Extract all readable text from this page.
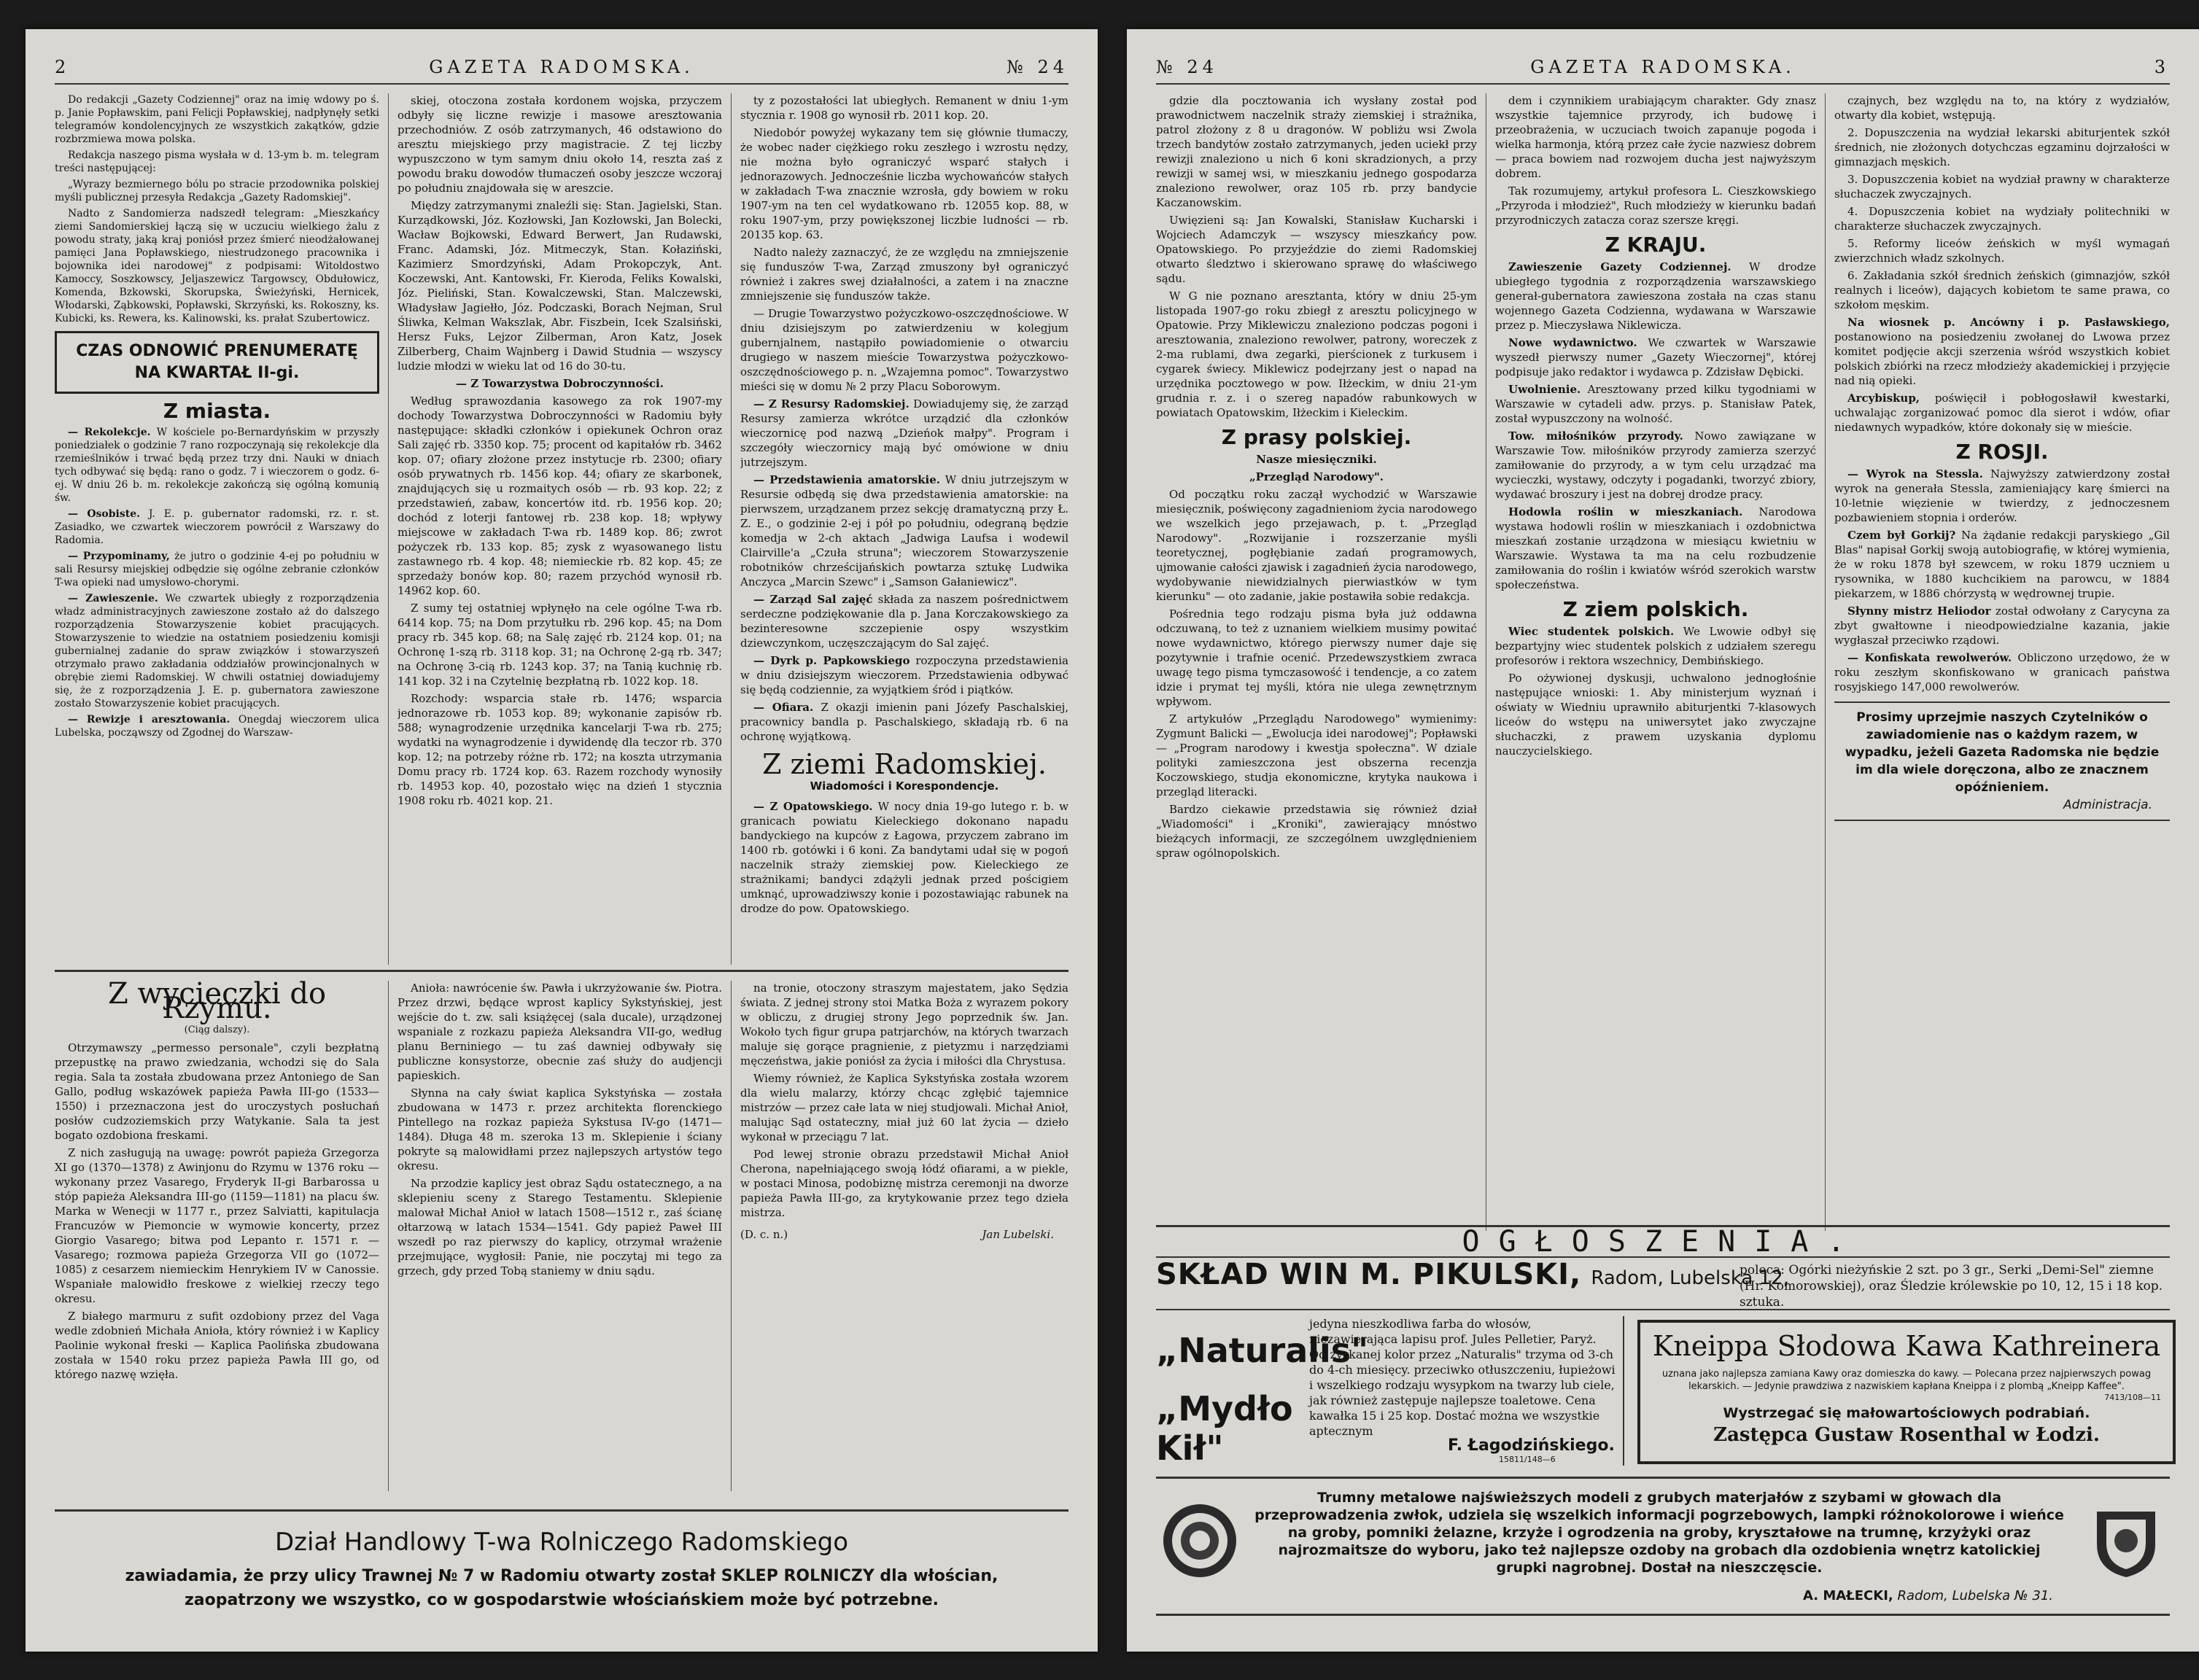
2	GAZETA RADOMSKA.	№ 24

Do redakcji „Gazety Codziennej" oraz na imię wdowy po ś. p. Janie Popławskim, pani Felicji Popławskiej, nadpłynęły setki telegramów kondolencyjnych ze wszystkich zakątków, gdzie rozbrzmiewa mowa polska.

Redakcja naszego pisma wysłała w d. 13-ym b. m. telegram treści następującej:

„Wyrazy bezmiernego bólu po stracie przodownika polskiej myśli publicznej przesyła Redakcja „Gazety Radomskiej".

Nadto z Sandomierza nadszedł telegram: „Mieszkańcy ziemi Sandomierskiej łączą się w uczuciu wielkiego żalu z powodu straty, jaką kraj poniósł przez śmierć nieodżałowanej pamięci Jana Popławskiego, niestrudzonego pracownika i bojownika idei narodowej" z podpisami: Witoldostwo Kamoccy, Soszkowscy, Jeljaszewicz Targowscy, Obdułowicz, Komenda, Bzkowski, Skorupska, Świeżyński, Hernicek, Włodarski, Ząbkowski, Popławski, Skrzyński, ks. Rokoszny, ks. Kubicki, ks. Rewera, ks. Kalinowski, ks. prałat Szubertowicz.

CZAS ODNOWIĆ PRENUMERATĘ NA KWARTAŁ II-gi.
Z miasta.

— Rekolekcje. W kościele po-Bernardyńskim w przyszły poniedziałek o godzinie 7 rano rozpoczynają się rekolekcje dla rzemieślników i trwać będą przez trzy dni. Nauki w dniach tych odbywać się będą: rano o godz. 7 i wieczorem o godz. 6-ej. W dniu 26 b. m. rekolekcje zakończą się ogólną komunią św.

— Osobiste. J. E. p. gubernator radomski, rz. r. st. Zasiadko, we czwartek wieczorem powrócił z Warszawy do Radomia.

— Przypominamy, że jutro o godzinie 4-ej po południu w sali Resursy miejskiej odbędzie się ogólne zebranie członków T-wa opieki nad umysłowo-chorymi.

— Zawieszenie. We czwartek ubiegły z rozporządzenia władz administracyjnych zawieszone zostało aż do dalszego rozporządzenia Stowarzyszenie kobiet pracujących. Stowarzyszenie to wiedzie na ostatniem posiedzeniu komisji gubernialnej zadanie do spraw związków i stowarzyszeń otrzymało prawo zakładania oddziałów prowincjonalnych w obrębie ziemi Radomskiej. W chwili ostatniej dowiadujemy się, że z rozporządzenia J. E. p. gubernatora zawieszone zostało Stowarzyszenie kobiet pracujących.

— Rewizje i aresztowania. Onegdaj wieczorem ulica Lubelska, począwszy od Zgodnej do Warszaw-

skiej, otoczona została kordonem wojska, przyczem odbyły się liczne rewizje i masowe aresztowania przechodniów. Z osób zatrzymanych, 46 odstawiono do aresztu miejskiego przy magistracie. Z tej liczby wypuszczono w tym samym dniu około 14, reszta zaś z powodu braku dowodów tłumaczeń osoby jeszcze wczoraj po południu znajdowała się w areszcie.

Między zatrzymanymi znaleźli się: Stan. Jagielski, Stan. Kurządkowski, Józ. Kozłowski, Jan Kozłowski, Jan Bolecki, Wacław Bojkowski, Edward Berwert, Jan Rudawski, Franc. Adamski, Józ. Mitmeczyk, Stan. Kołaziński, Kazimierz Smordzyński, Adam Prokopczyk, Ant. Koczewski, Ant. Kantowski, Fr. Kieroda, Feliks Kowalski, Józ. Pieliński, Stan. Kowalczewski, Stan. Malczewski, Władysław Jagiełło, Józ. Podczaski, Borach Nejman, Srul Śliwka, Kelman Wakszlak, Abr. Fiszbein, Icek Szalsiński, Hersz Fuks, Lejzor Zilberman, Aron Katz, Josek Zilberberg, Chaim Wajnberg i Dawid Studnia — wszyscy ludzie młodzi w wieku lat od 16 do 30-tu.

— Z Towarzystwa Dobroczynności.

Według sprawozdania kasowego za rok 1907-my dochody Towarzystwa Dobroczynności w Radomiu były następujące: składki członków i opiekunek Ochron oraz Sali zajęć rb. 3350 kop. 75; procent od kapitałów rb. 3462 kop. 07; ofiary złożone przez instytucje rb. 2300; ofiary osób prywatnych rb. 1456 kop. 44; ofiary ze skarbonek, znajdujących się u rozmaitych osób — rb. 93 kop. 22; z przedstawień, zabaw, koncertów itd. rb. 1956 kop. 20; dochód z loterji fantowej rb. 238 kop. 18; wpływy miejscowe w zakładach T-wa rb. 1489 kop. 86; zwrot pożyczek rb. 133 kop. 85; zysk z wyasowanego listu zastawnego rb. 4 kop. 48; niemieckie rb. 82 kop. 45; ze sprzedaży bonów kop. 80; razem przychód wynosił rb. 14962 kop. 60.

Z sumy tej ostatniej wpłynęło na cele ogólne T-wa rb. 6414 kop. 75; na Dom przytułku rb. 296 kop. 45; na Dom pracy rb. 345 kop. 68; na Salę zajęć rb. 2124 kop. 01; na Ochronę 1-szą rb. 3118 kop. 31; na Ochronę 2-gą rb. 347; na Ochronę 3-cią rb. 1243 kop. 37; na Tanią kuchnię rb. 141 kop. 32 i na Czytelnię bezpłatną rb. 1022 kop. 18.

Rozchody: wsparcia stałe rb. 1476; wsparcia jednorazowe rb. 1053 kop. 89; wykonanie zapisów rb. 588; wynagrodzenie urzędnika kancelarji T-wa rb. 275; wydatki na wynagrodzenie i dywidendę dla teczor rb. 370 kop. 12; na potrzeby różne rb. 172; na koszta utrzymania Domu pracy rb. 1724 kop. 63. Razem rozchody wynosiły rb. 14953 kop. 40, pozostało więc na dzień 1 stycznia 1908 roku rb. 4021 kop. 21.

ty z pozostałości lat ubiegłych. Remanent w dniu 1-ym stycznia r. 1908 go wynosił rb. 2011 kop. 20.

Niedobór powyżej wykazany tem się głównie tłumaczy, że wobec nader ciężkiego roku zeszłego i wzrostu nędzy, nie można było ograniczyć wsparć stałych i jednorazowych. Jednocześnie liczba wychowańców stałych w zakładach T-wa znacznie wzrosła, gdy bowiem w roku 1907-ym na ten cel wydatkowano rb. 12055 kop. 88, w roku 1907-ym, przy powiększonej liczbie ludności — rb. 20135 kop. 63.

Nadto należy zaznaczyć, że ze względu na zmniejszenie się funduszów T-wa, Zarząd zmuszony był ograniczyć również i zakres swej działalności, a zatem i na znaczne zmniejszenie się funduszów także.

— Drugie Towarzystwo pożyczkowo-oszczędnościowe. W dniu dzisiejszym po zatwierdzeniu w kolegjum gubernjalnem, nastąpiło powiadomienie o otwarciu drugiego w naszem mieście Towarzystwa pożyczkowo-oszczędnościowego p. n. „Wzajemna pomoc". Towarzystwo mieści się w domu № 2 przy Placu Soborowym.

— Z Resursy Radomskiej. Dowiadujemy się, że zarząd Resursy zamierza wkrótce urządzić dla członków wieczornicę pod nazwą „Dzieńok małpy". Program i szczegóły wieczornicy mają być omówione w dniu jutrzejszym.

— Przedstawienia amatorskie. W dniu jutrzejszym w Resursie odbędą się dwa przedstawienia amatorskie: na pierwszem, urządzanem przez sekcję dramatyczną przy Ł. Z. E., o godzinie 2-ej i pół po południu, odegraną będzie komedja w 2-ch aktach „Jadwiga Laufsa i wodewil Clairville'a „Czuła struna"; wieczorem Stowarzyszenie robotników chrześcijańskich powtarza sztukę Ludwika Anczyca „Marcin Szewc" i „Samson Gałaniewicz".

— Zarząd Sal zajęć składa za naszem pośrednictwem serdeczne podziękowanie dla p. Jana Korczakowskiego za bezinteresowne szczepienie ospy wszystkim dziewczynkom, uczęszczającym do Sal zajęć.

— Dyrk p. Papkowskiego rozpoczyna przedstawienia w dniu dzisiejszym wieczorem. Przedstawienia odbywać się będą codziennie, za wyjątkiem śród i piątków.

— Ofiara. Z okazji imienin pani Józefy Paschalskiej, pracownicy bandla p. Paschalskiego, składają rb. 6 na ochronę wyjątkową.

Z ziemi Radomskiej.
Wiadomości i Korespondencje.

— Z Opatowskiego. W nocy dnia 19-go lutego r. b. w granicach powiatu Kieleckiego dokonano napadu bandyckiego na kupców z Łagowa, przyczem zabrano im 1400 rb. gotówki i 6 koni. Za bandytami udał się w pogoń naczelnik straży ziemskiej pow. Kieleckiego ze strażnikami; bandyci zdążyli jednak przed pościgiem umknąć, uprowadziwszy konie i pozostawiając rabunek na drodze do pow. Opatowskiego.

Z wycieczki do Rzymu.

(Ciąg dalszy).

Otrzymawszy „permesso personale", czyli bezpłatną przepustkę na prawo zwiedzania, wchodzi się do Sala regia. Sala ta została zbudowana przez Antoniego de San Gallo, podług wskazówek papieża Pawła III-go (1533—1550) i przeznaczona jest do uroczystych posłuchań posłów cudzoziemskich przy Watykanie. Sala ta jest bogato ozdobiona freskami.

Z nich zasługują na uwagę: powrót papieża Grzegorza XI go (1370—1378) z Awinjonu do Rzymu w 1376 roku — wykonany przez Vasarego, Fryderyk II-gi Barbarossa u stóp papieża Aleksandra III-go (1159—1181) na placu św. Marka w Wenecji w 1177 r., przez Salviatti, kapitulacja Francuzów w Piemoncie w wymowie koncerty, przez Giorgio Vasarego; bitwa pod Lepanto r. 1571 r. — Vasarego; rozmowa papieża Grzegorza VII go (1072—1085) z cesarzem niemieckim Henrykiem IV w Canossie. Wspaniałe malowidło freskowe z wielkiej rzeczy tego okresu.

Z białego marmuru z sufit ozdobiony przez del Vaga wedle zdobnień Michała Anioła, który również i w Kaplicy Paolinie wykonał freski — Kaplica Paolińska zbudowana została w 1540 roku przez papieża Pawła III go, od którego nazwę wzięła.

Anioła: nawrócenie św. Pawła i ukrzyżowanie św. Piotra. Przez drzwi, będące wprost kaplicy Sykstyńskiej, jest wejście do t. zw. sali książęcej (sala ducale), urządzonej wspaniale z rozkazu papieża Aleksandra VII-go, według planu Berniniego — tu zaś dawniej odbywały się publiczne konsystorze, obecnie zaś służy do audjencji papieskich.

Słynna na cały świat kaplica Sykstyńska — została zbudowana w 1473 r. przez architekta florenckiego Pintellego na rozkaz papieża Sykstusa IV-go (1471—1484). Długa 48 m. szeroka 13 m. Sklepienie i ściany pokryte są malowidłami przez najlepszych artystów tego okresu.

Na przodzie kaplicy jest obraz Sądu ostatecznego, a na sklepieniu sceny z Starego Testamentu. Sklepienie malował Michał Anioł w latach 1508—1512 r., zaś ścianę ołtarzową w latach 1534—1541. Gdy papież Paweł III wszedł po raz pierwszy do kaplicy, otrzymał wrażenie przejmujące, wygłosił: Panie, nie poczytaj mi tego za grzech, gdy przed Tobą staniemy w dniu sądu.

na tronie, otoczony straszym majestatem, jako Sędzia świata. Z jednej strony stoi Matka Boża z wyrazem pokory w obliczu, z drugiej strony Jego poprzednik św. Jan. Wokoło tych figur grupa patrjarchów, na których twarzach maluje się gorące pragnienie, z pietyzmu i narzędziami męczeństwa, jakie poniósł za życia i miłości dla Chrystusa.

Wiemy również, że Kaplica Sykstyńska została wzorem dla wielu malarzy, którzy chcąc zgłębić tajemnice mistrzów — przez całe lata w niej studjowali. Michał Anioł, malując Sąd ostateczny, miał już 60 lat życia — dzieło wykonał w przeciągu 7 lat.

Pod lewej stronie obrazu przedstawił Michał Anioł Cherona, napełniającego swoją łódź ofiarami, a w piekle, w postaci Minosa, podobiznę mistrza ceremonji na dworze papieża Pawła III-go, za krytykowanie przez tego dzieła mistrza.

(D. c. n.)	Jan Lubelski.
Dział Handlowy T-wa Rolniczego Radomskiego
zawiadamia, że przy ulicy Trawnej № 7 w Radomiu otwarty został SKLEP ROLNICZY dla włościan,
zaopatrzony we wszystko, co w gospodarstwie włościańskiem może być potrzebne.
№ 24	GAZETA RADOMSKA.	3

gdzie dla pocztowania ich wysłany został pod prawodnictwem naczelnik straży ziemskiej i strażnika, patrol złożony z 8 u dragonów. W pobliżu wsi Zwola trzech bandytów zostało zatrzymanych, jeden uciekł przy rewizji znaleziono u nich 6 koni skradzionych, a przy rewizji w samej wsi, w mieszkaniu jednego gospodarza znaleziono rewolwer, oraz 105 rb. przy bandycie Kaczanowskim.

Uwięzieni są: Jan Kowalski, Stanisław Kucharski i Wojciech Adamczyk — wszyscy mieszkańcy pow. Opatowskiego. Po przyjeździe do ziemi Radomskiej otwarto śledztwo i skierowano sprawę do właściwego sądu.

W G nie poznano aresztanta, który w dniu 25-ym listopada 1907-go roku zbiegł z aresztu policyjnego w Opatowie. Przy Miklewiczu znaleziono podczas pogoni i aresztowania, znaleziono rewolwer, patrony, woreczek z 2-ma rublami, dwa zegarki, pierścionek z turkusem i cygarek świecy. Miklewicz podejrzany jest o napad na urzędnika pocztowego w pow. Iłżeckim, w dniu 21-ym grudnia r. z. i o szereg napadów rabunkowych w powiatach Opatowskim, Iłżeckim i Kieleckim.

Z prasy polskiej.

Nasze miesięczniki.

„Przegląd Narodowy".

Od początku roku zaczął wychodzić w Warszawie miesięcznik, poświęcony zagadnieniom życia narodowego we wszelkich jego przejawach, p. t. „Przegląd Narodowy". „Rozwijanie i rozszerzanie myśli teoretycznej, pogłębianie zadań programowych, ujmowanie całości zjawisk i zagadnień życia narodowego, wydobywanie niewidzialnych pierwiastków w tym kierunku" — oto zadanie, jakie postawiła sobie redakcja.

Pośrednia tego rodzaju pisma była już oddawna odczuwaną, to też z uznaniem wielkiem musimy powitać nowe wydawnictwo, którego pierwszy numer daje się pozytywnie i trafnie ocenić. Przedewszystkiem zwraca uwagę tego pisma tymczasowość i tendencje, a co zatem idzie i prymat tej myśli, która nie ulega zewnętrznym wpływom.

Z artykułów „Przeglądu Narodowego" wymienimy: Zygmunt Balicki — „Ewolucja idei narodowej"; Popławski — „Program narodowy i kwestja społeczna". W dziale polityki zamieszczona jest obszerna recenzja Koczowskiego, studja ekonomiczne, krytyka naukowa i przegląd literacki.

Bardzo ciekawie przedstawia się również dział „Wiadomości" i „Kroniki", zawierający mnóstwo bieżących informacji, ze szczególnem uwzględnieniem spraw ogólnopolskich.

dem i czynnikiem urabiającym charakter. Gdy znasz wszystkie tajemnice przyrody, ich budowę i przeobrażenia, w uczuciach twoich zapanuje pogoda i wielka harmonja, którą przez całe życie nazwiesz dobrem — praca bowiem nad rozwojem ducha jest najwyższym dobrem.

Tak rozumujemy, artykuł profesora L. Cieszkowskiego „Przyroda i młodzież", Ruch młodzieży w kierunku badań przyrodniczych zatacza coraz szersze kręgi.

Z KRAJU.

Zawieszenie Gazety Codziennej. W drodze ubiegłego tygodnia z rozporządzenia warszawskiego generał-gubernatora zawieszona została na czas stanu wojennego Gazeta Codzienna, wydawana w Warszawie przez p. Mieczysława Niklewicza.

Nowe wydawnictwo. We czwartek w Warszawie wyszedł pierwszy numer „Gazety Wieczornej", której podpisuje jako redaktor i wydawca p. Zdzisław Dębicki.

Uwolnienie. Aresztowany przed kilku tygodniami w Warszawie w cytadeli adw. przys. p. Stanisław Patek, został wypuszczony na wolność.

Tow. miłośników przyrody. Nowo zawiązane w Warszawie Tow. miłośników przyrody zamierza szerzyć zamiłowanie do przyrody, a w tym celu urządzać ma wycieczki, wystawy, odczyty i pogadanki, tworzyć zbiory, wydawać broszury i jest na dobrej drodze pracy.

Hodowla roślin w mieszkaniach. Narodowa wystawa hodowli roślin w mieszkaniach i ozdobnictwa mieszkań zostanie urządzona w miesiącu kwietniu w Warszawie. Wystawa ta ma na celu rozbudzenie zamiłowania do roślin i kwiatów wśród szerokich warstw społeczeństwa.

Z ziem polskich.

Wiec studentek polskich. We Lwowie odbył się bezpartyjny wiec studentek polskich z udziałem szeregu profesorów i rektora wszechnicy, Dembińskiego.

Po ożywionej dyskusji, uchwalono jednogłośnie następujące wnioski: 1. Aby ministerjum wyznań i oświaty w Wiedniu uprawniło abiturjentki 7-klasowych liceów do wstępu na uniwersytet jako zwyczajne słuchaczki, z prawem uzyskania dyplomu nauczycielskiego.

czajnych, bez względu na to, na który z wydziałów, otwarty dla kobiet, wstępują.

2. Dopuszczenia na wydział lekarski abiturjentek szkół średnich, nie złożonych dotychczas egzaminu dojrzałości w gimnazjach męskich.

3. Dopuszczenia kobiet na wydział prawny w charakterze słuchaczek zwyczajnych.

4. Dopuszczenia kobiet na wydziały politechniki w charakterze słuchaczek zwyczajnych.

5. Reformy liceów żeńskich w myśl wymagań zwierzchnich władz szkolnych.

6. Zakładania szkół średnich żeńskich (gimnazjów, szkół realnych i liceów), dających kobietom te same prawa, co szkołom męskim.

Na wiosnek p. Ancówny i p. Pasławskiego, postanowiono na posiedzeniu zwołanej do Lwowa przez komitet podjęcie akcji szerzenia wśród wszystkich kobiet polskich zbiórki na rzecz młodzieży akademickiej i przyjęcie nad nią opieki.

Arcybiskup, poświęcił i pobłogosławił kwestarki, uchwalając zorganizować pomoc dla sierot i wdów, ofiar niedawnych wypadków, które dokonały się w mieście.

Z ROSJI.

— Wyrok na Stessla. Najwyższy zatwierdzony został wyrok na generała Stessla, zamieniający karę śmierci na 10-letnie więzienie w twierdzy, z jednoczesnem pozbawieniem stopnia i orderów.

Czem był Gorkij? Na żądanie redakcji paryskiego „Gil Blas" napisał Gorkij swoją autobiografię, w której wymienia, że w roku 1878 był szewcem, w roku 1879 uczniem u rysownika, w 1880 kuchcikiem na parowcu, w 1884 piekarzem, w 1886 chórzystą w wędrownej trupie.

Słynny mistrz Heliodor został odwołany z Carycyna za zbyt gwałtowne i nieodpowiedzialne kazania, jakie wygłaszał przeciwko rządowi.

— Konfiskata rewolwerów. Obliczono urzędowo, że w roku zeszłym skonfiskowano w granicach państwa rosyjskiego 147,000 rewolwerów.

Prosimy uprzejmie naszych Czytelników o zawiadomienie nas o każdym razem, w wypadku, jeżeli Gazeta Radomska nie będzie im dla wiele doręczona, albo ze znacznem opóźnieniem.
Administracja.
OGŁOSZENIA.
SKŁAD WIN M. PIKULSKI, Radom, Lubelska 12,
poleca: Ogórki nieżyńskie 2 szt. po 3 gr., Serki „Demi-Sel" ziemne (Hr. Komorowskiej), oraz Śledzie królewskie po 10, 12, 15 i 18 kop. sztuka.
„Naturalis"
„Mydło Kił"
jedyna nieszkodliwa farba do włosów, niezawierająca lapisu prof. Jules Pelletier, Paryż. Od zyskanej kolor przez „Naturalis" trzyma od 3-ch do 4-ch miesięcy. przeciwko otłuszczeniu, łupieżowi i wszelkiego rodzaju wysypkom na twarzy lub ciele, jak również zastępuje najlepsze toaletowe. Cena kawałka 15 i 25 kop. Dostać można we wszystkie aptecznym
F. Łagodzińskiego.
15811/148—6
Kneippa Słodowa Kawa Kathreinera
uznana jako najlepsza zamiana Kawy oraz domieszka do kawy. — Polecana przez najpierwszych powag lekarskich. — Jedynie prawdziwa z nazwiskiem kapłana Kneippa i z plombą „Kneipp Kaffee".
7413/108—11
Wystrzegać się małowartościowych podrabiań.
Zastępca Gustaw Rosenthal w Łodzi.
Trumny metalowe najświeższych modeli z grubych materjałów z szybami w głowach dla przeprowadzenia zwłok, udziela się wszelkich informacji pogrzebowych, lampki różnokolorowe i wieńce na groby, pomniki żelazne, krzyże i ogrodzenia na groby, kryształowe na trumnę, krzyżyki oraz najrozmaitsze do wyboru, jako też najlepsze ozdoby na grobach dla ozdobienia wnętrz katolickiej grupki nagrobnej. Dostał na nieszczęscie.
A. MAŁECKI, Radom, Lubelska № 31.
